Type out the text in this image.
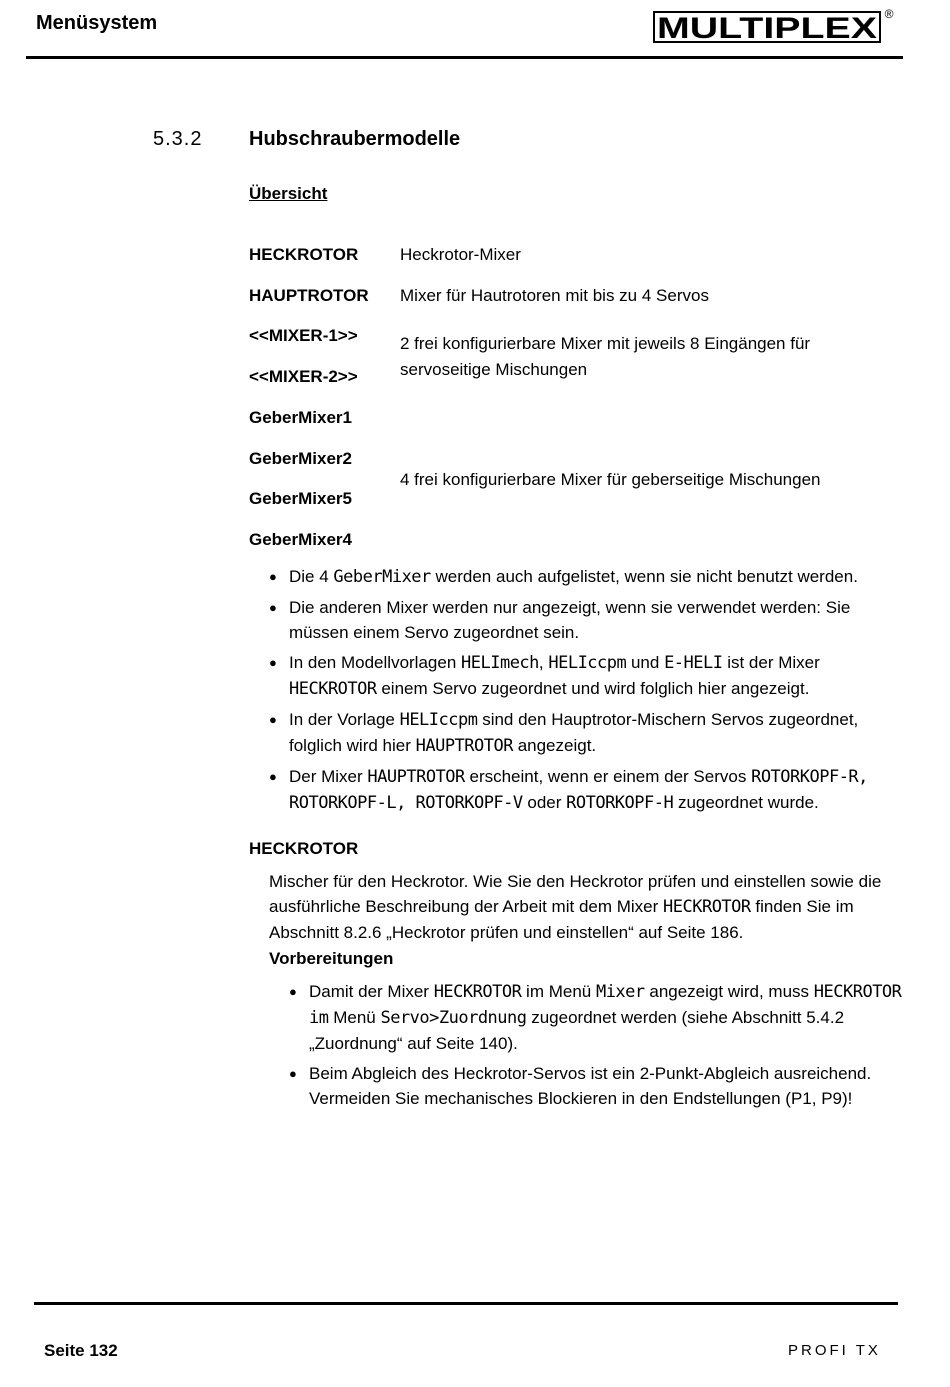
Menüsystem	MULTIPLEX ®
5.3.2 Hubschraubermodelle
Übersicht
HECKROTOR
HAUPTROTOR
<<MIXER-1>>
<<MIXER-2>>
GeberMixer1
GeberMixer2
GeberMixer5
GeberMixer4
Heckrotor-Mixer
Mixer für Hautrotoren mit bis zu 4 Servos
2 frei konfigurierbare Mixer mit jeweils 8 Eingängen für servoseitige Mischungen
4 frei konfigurierbare Mixer für geberseitige Mischungen
● Die 4 GeberMixer werden auch aufgelistet, wenn sie nicht benutzt werden.
● Die anderen Mixer werden nur angezeigt, wenn sie verwendet werden: Sie müssen einem Servo zugeordnet sein.
● In den Modellvorlagen HELImech, HELIccpm und E-HELI ist der Mixer HECKROTOR einem Servo zugeordnet und wird folglich hier angezeigt.
● In der Vorlage HELIccpm sind den Hauptrotor-Mischern Servos zugeordnet, folglich wird hier HAUPTROTOR angezeigt.
● Der Mixer HAUPTROTOR erscheint, wenn er einem der Servos ROTORKOPF-R, ROTORKOPF-L, ROTORKOPF-V oder ROTORKOPF-H zugeordnet wurde.
HECKROTOR
Mischer für den Heckrotor. Wie Sie den Heckrotor prüfen und einstellen sowie die ausführliche Beschreibung der Arbeit mit dem Mixer HECKROTOR finden Sie im Abschnitt 8.2.6 „Heckrotor prüfen und einstellen“ auf Seite 186.
Vorbereitungen
● Damit der Mixer HECKROTOR im Menü Mixer angezeigt wird, muss HECKROTOR im Menü Servo>Zuordnung zugeordnet werden (siehe Abschnitt 5.4.2 „Zuordnung“ auf Seite 140).
● Beim Abgleich des Heckrotor-Servos ist ein 2-Punkt-Abgleich ausreichend. Vermeiden Sie mechanisches Blockieren in den Endstellungen (P1, P9)!
Seite 132	PROFI TX
